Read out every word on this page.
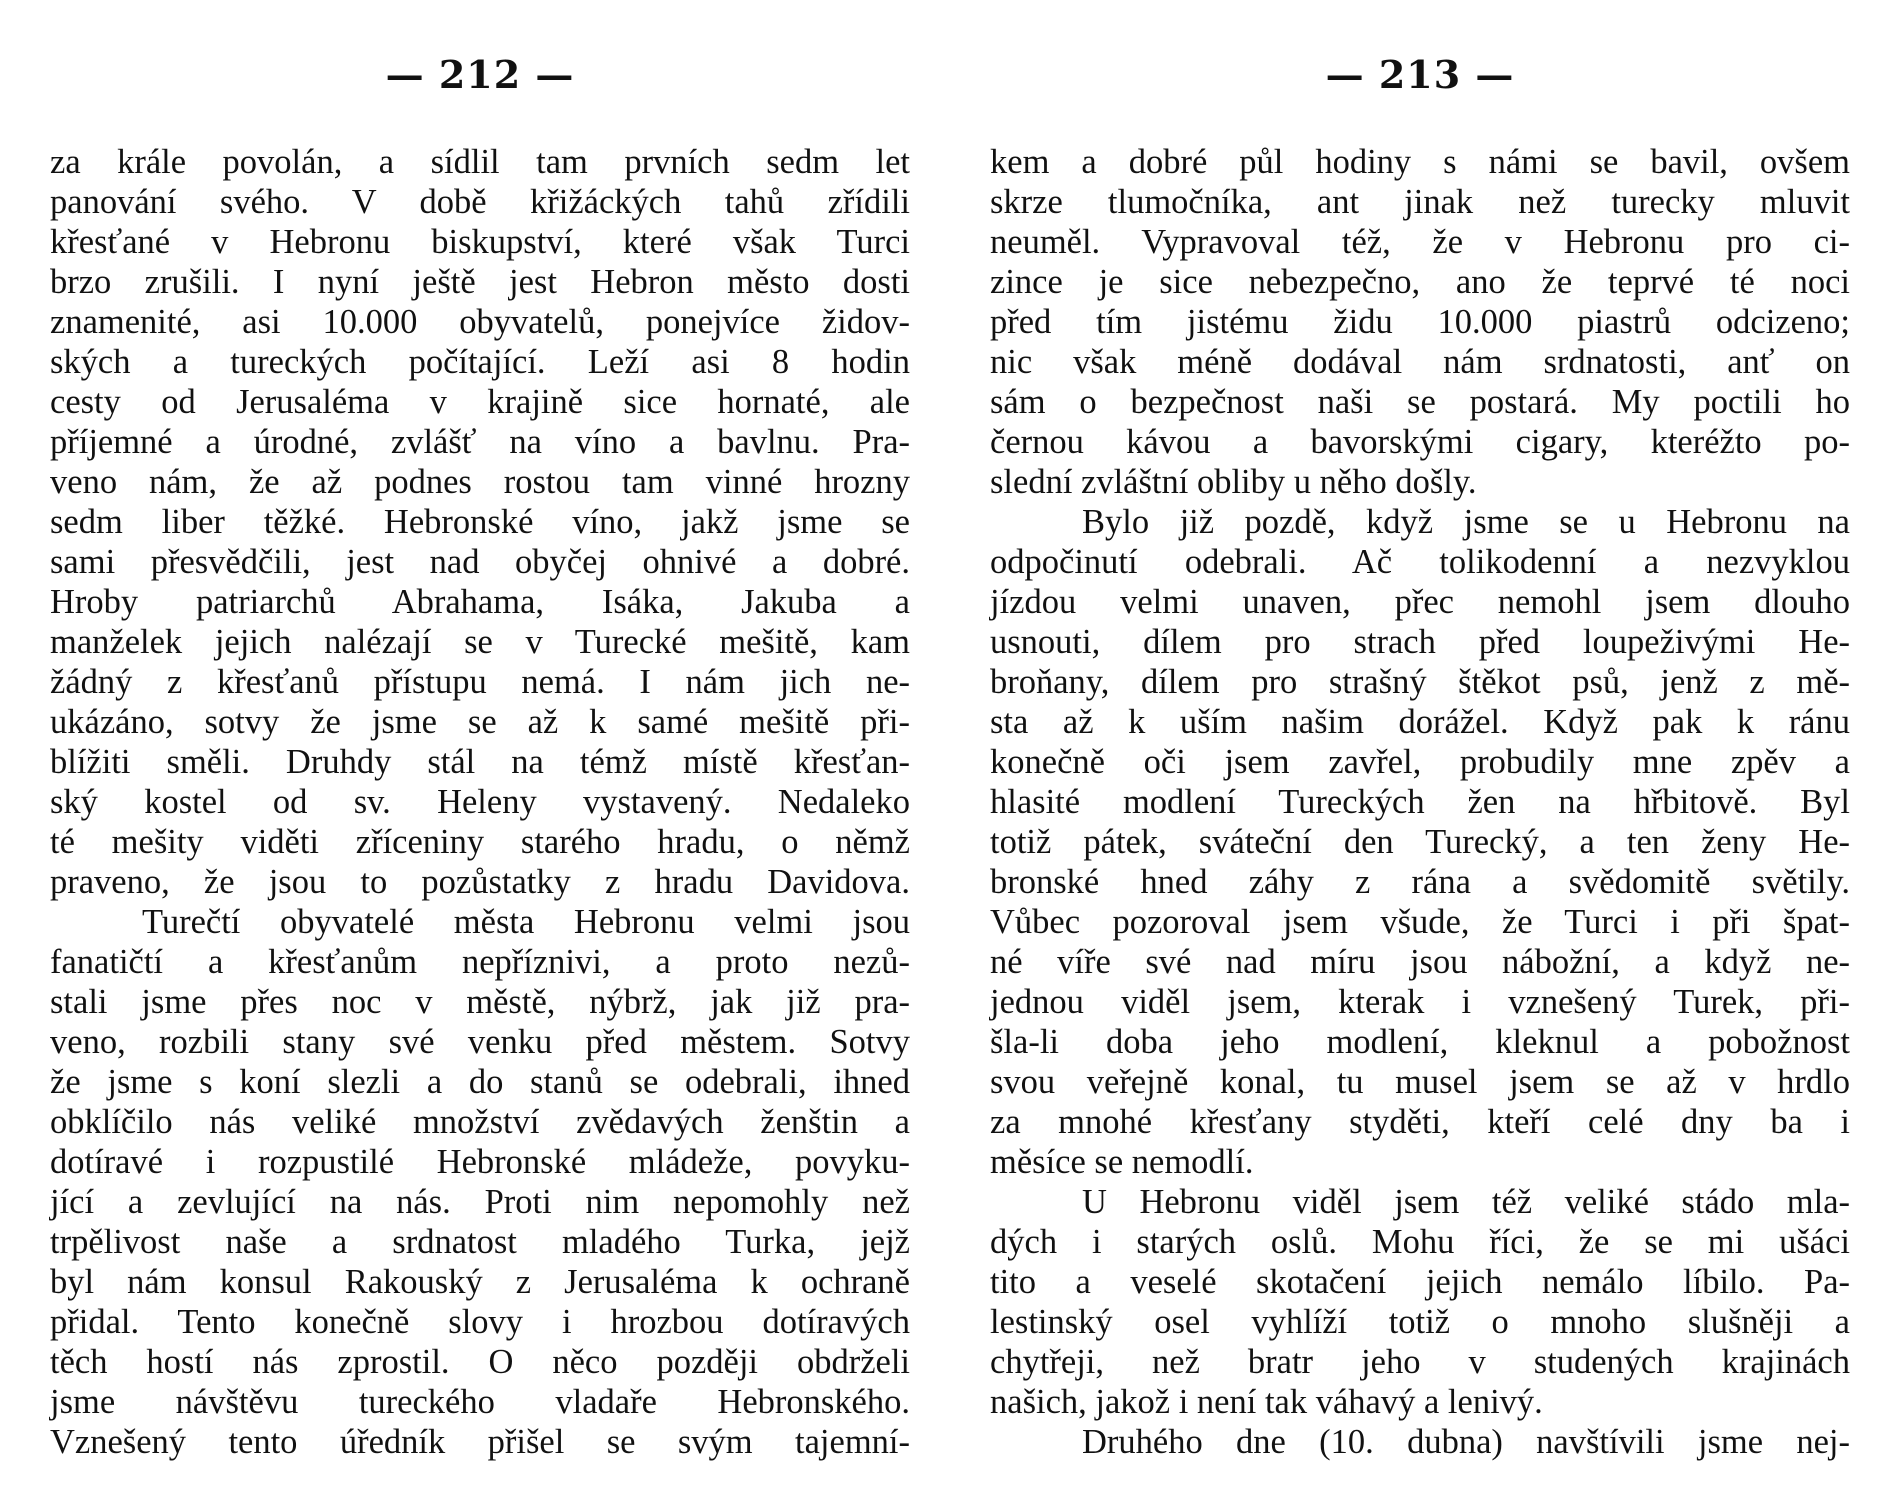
— 212 —
za krále povolán, a sídlil tam prvních sedm let
panování svého. V době křižáckých tahů zřídili
křesťané v Hebronu biskupství, které však Turci
brzo zrušili. I nyní ještě jest Hebron město dosti
znamenité, asi 10.000 obyvatelů, ponejvíce židov-
ských a tureckých počítající. Leží asi 8 hodin
cesty od Jerusaléma v krajině sice hornaté, ale
příjemné a úrodné, zvlášť na víno a bavlnu. Pra-
veno nám, že až podnes rostou tam vinné hrozny
sedm liber těžké. Hebronské víno, jakž jsme se
sami přesvědčili, jest nad obyčej ohnivé a dobré.
Hroby patriarchů Abrahama, Isáka, Jakuba a
manželek jejich nalézají se v Turecké mešitě, kam
žádný z křesťanů přístupu nemá. I nám jich ne-
ukázáno, sotvy že jsme se až k samé mešitě při-
blížiti směli. Druhdy stál na témž místě křesťan-
ský kostel od sv. Heleny vystavený. Nedaleko
té mešity viděti zříceniny starého hradu, o němž
praveno, že jsou to pozůstatky z hradu Davidova.
Turečtí obyvatelé města Hebronu velmi jsou
fanatičtí a křesťanům nepříznivi, a proto nezů-
stali jsme přes noc v městě, nýbrž, jak již pra-
veno, rozbili stany své venku před městem. Sotvy
že jsme s koní slezli a do stanů se odebrali, ihned
obklíčilo nás veliké množství zvědavých ženštin a
dotíravé i rozpustilé Hebronské mládeže, povyku-
jící a zevlující na nás. Proti nim nepomohly než
trpělivost naše a srdnatost mladého Turka, jejž
byl nám konsul Rakouský z Jerusaléma k ochraně
přidal. Tento konečně slovy i hrozbou dotíravých
těch hostí nás zprostil. O něco později obdrželi
jsme návštěvu tureckého vladaře Hebronského.
Vznešený tento úředník přišel se svým tajemní-
— 213 —
kem a dobré půl hodiny s námi se bavil, ovšem
skrze tlumočníka, ant jinak než turecky mluvit
neuměl. Vypravoval též, že v Hebronu pro ci-
zince je sice nebezpečno, ano že teprvé té noci
před tím jistému židu 10.000 piastrů odcizeno;
nic však méně dodával nám srdnatosti, anť on
sám o bezpečnost naši se postará. My poctili ho
černou kávou a bavorskými cigary, kteréžto po-
slední zvláštní obliby u něho došly.
Bylo již pozdě, když jsme se u Hebronu na
odpočinutí odebrali. Ač tolikodenní a nezvyklou
jízdou velmi unaven, přec nemohl jsem dlouho
usnouti, dílem pro strach před loupeživými He-
broňany, dílem pro strašný štěkot psů, jenž z mě-
sta až k uším našim dorážel. Když pak k ránu
konečně oči jsem zavřel, probudily mne zpěv a
hlasité modlení Tureckých žen na hřbitově. Byl
totiž pátek, sváteční den Turecký, a ten ženy He-
bronské hned záhy z rána a svědomitě světily.
Vůbec pozoroval jsem všude, že Turci i při špat-
né víře své nad míru jsou nábožní, a když ne-
jednou viděl jsem, kterak i vznešený Turek, při-
šla-li doba jeho modlení, kleknul a pobožnost
svou veřejně konal, tu musel jsem se až v hrdlo
za mnohé křesťany styděti, kteří celé dny ba i
měsíce se nemodlí.
U Hebronu viděl jsem též veliké stádo mla-
dých i starých oslů. Mohu říci, že se mi ušáci
tito a veselé skotačení jejich nemálo líbilo. Pa-
lestinský osel vyhlíží totiž o mnoho slušněji a
chytřeji, než bratr jeho v studených krajinách
našich, jakož i není tak váhavý a lenivý.
Druhého dne (10. dubna) navštívili jsme nej-
